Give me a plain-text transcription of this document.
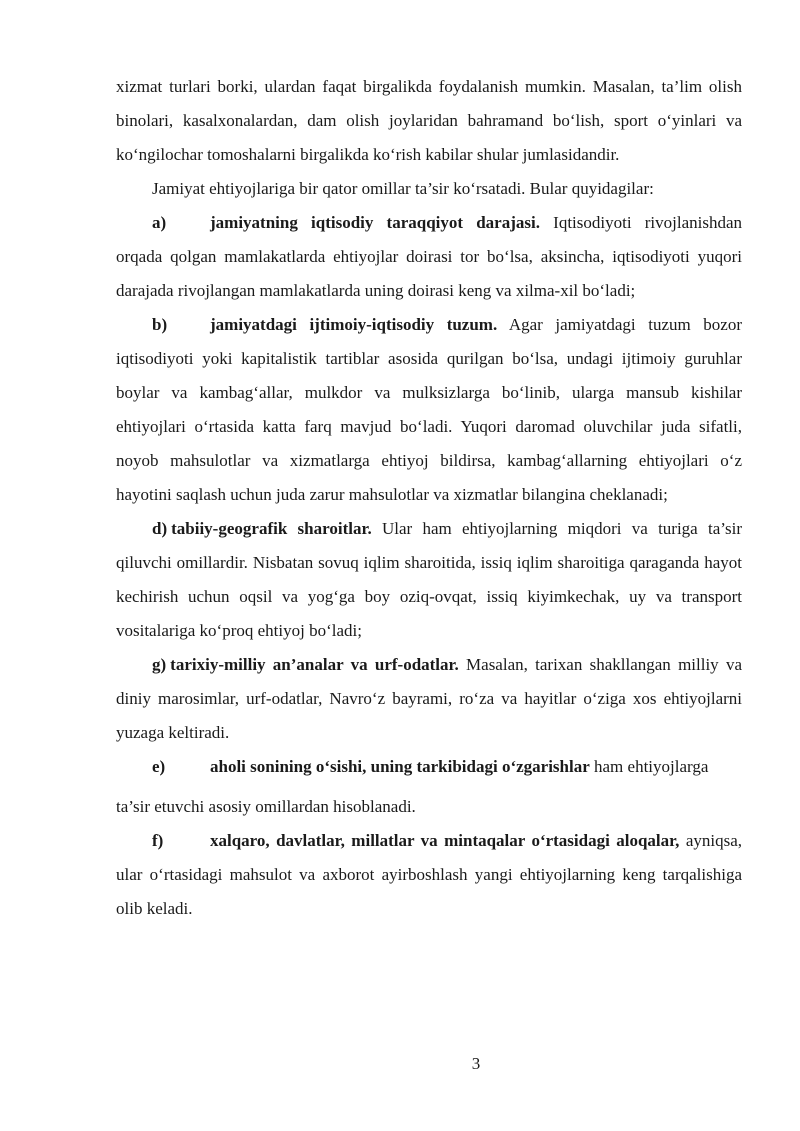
xizmat turlari borki, ulardan faqat birgalikda foydalanish mumkin. Masalan, ta’lim olish binolari, kasalxonalardan, dam olish joylaridan bahramand bo‘lish, sport o‘yinlari va ko‘ngilochar tomoshalarni birgalikda ko‘rish kabilar shular jumlasidandir.

Jamiyat ehtiyojlariga bir qator omillar ta’sir ko‘rsatadi. Bular quyidagilar:

a)	jamiyatning iqtisodiy taraqqiyot darajasi. Iqtisodiyoti rivojlanishdan orqada qolgan mamlakatlarda ehtiyojlar doirasi tor bo‘lsa, aksincha, iqtisodiyoti yuqori darajada rivojlangan mamlakatlarda uning doirasi keng va xilma-xil bo‘ladi;

b)	jamiyatdagi ijtimoiy-iqtisodiy tuzum. Agar jamiyatdagi tuzum bozor iqtisodiyoti yoki kapitalistik tartiblar asosida qurilgan bo‘lsa, undagi ijtimoiy guruhlar boylar va kambag‘allar, mulkdor va mulksizlarga bo‘linib, ularga mansub kishilar ehtiyojlari o‘rtasida katta farq mavjud bo‘ladi. Yuqori daromad oluvchilar juda sifatli, noyob mahsulotlar va xizmatlarga ehtiyoj bildirsa, kambag‘allarning ehtiyojlari o‘z hayotini saqlash uchun juda zarur mahsulotlar va xizmatlar bilangina cheklanadi;

d) tabiiy-geografik sharoitlar. Ular ham ehtiyojlarning miqdori va turiga ta’sir qiluvchi omillardir. Nisbatan sovuq iqlim sharoitida, issiq iqlim sharoitiga qaraganda hayot kechirish uchun oqsil va yog‘ga boy oziq-ovqat, issiq kiyimkechak, uy va transport vositalariga ko‘proq ehtiyoj bo‘ladi;

g) tarixiy-milliy an’analar va urf-odatlar. Masalan, tarixan shakllangan milliy va diniy marosimlar, urf-odatlar, Navro‘z bayrami, ro‘za va hayitlar o‘ziga xos ehtiyojlarni yuzaga keltiradi.

e)	aholi sonining o‘sishi, uning tarkibidagi o‘zgarishlar ham ehtiyojlarga

ta’sir etuvchi asosiy omillardan hisoblanadi.

f)	xalqaro, davlatlar, millatlar va mintaqalar o‘rtasidagi aloqalar, ayniqsa, ular o‘rtasidagi mahsulot va axborot ayirboshlash yangi ehtiyojlarning keng tarqalishiga olib keladi.

3
